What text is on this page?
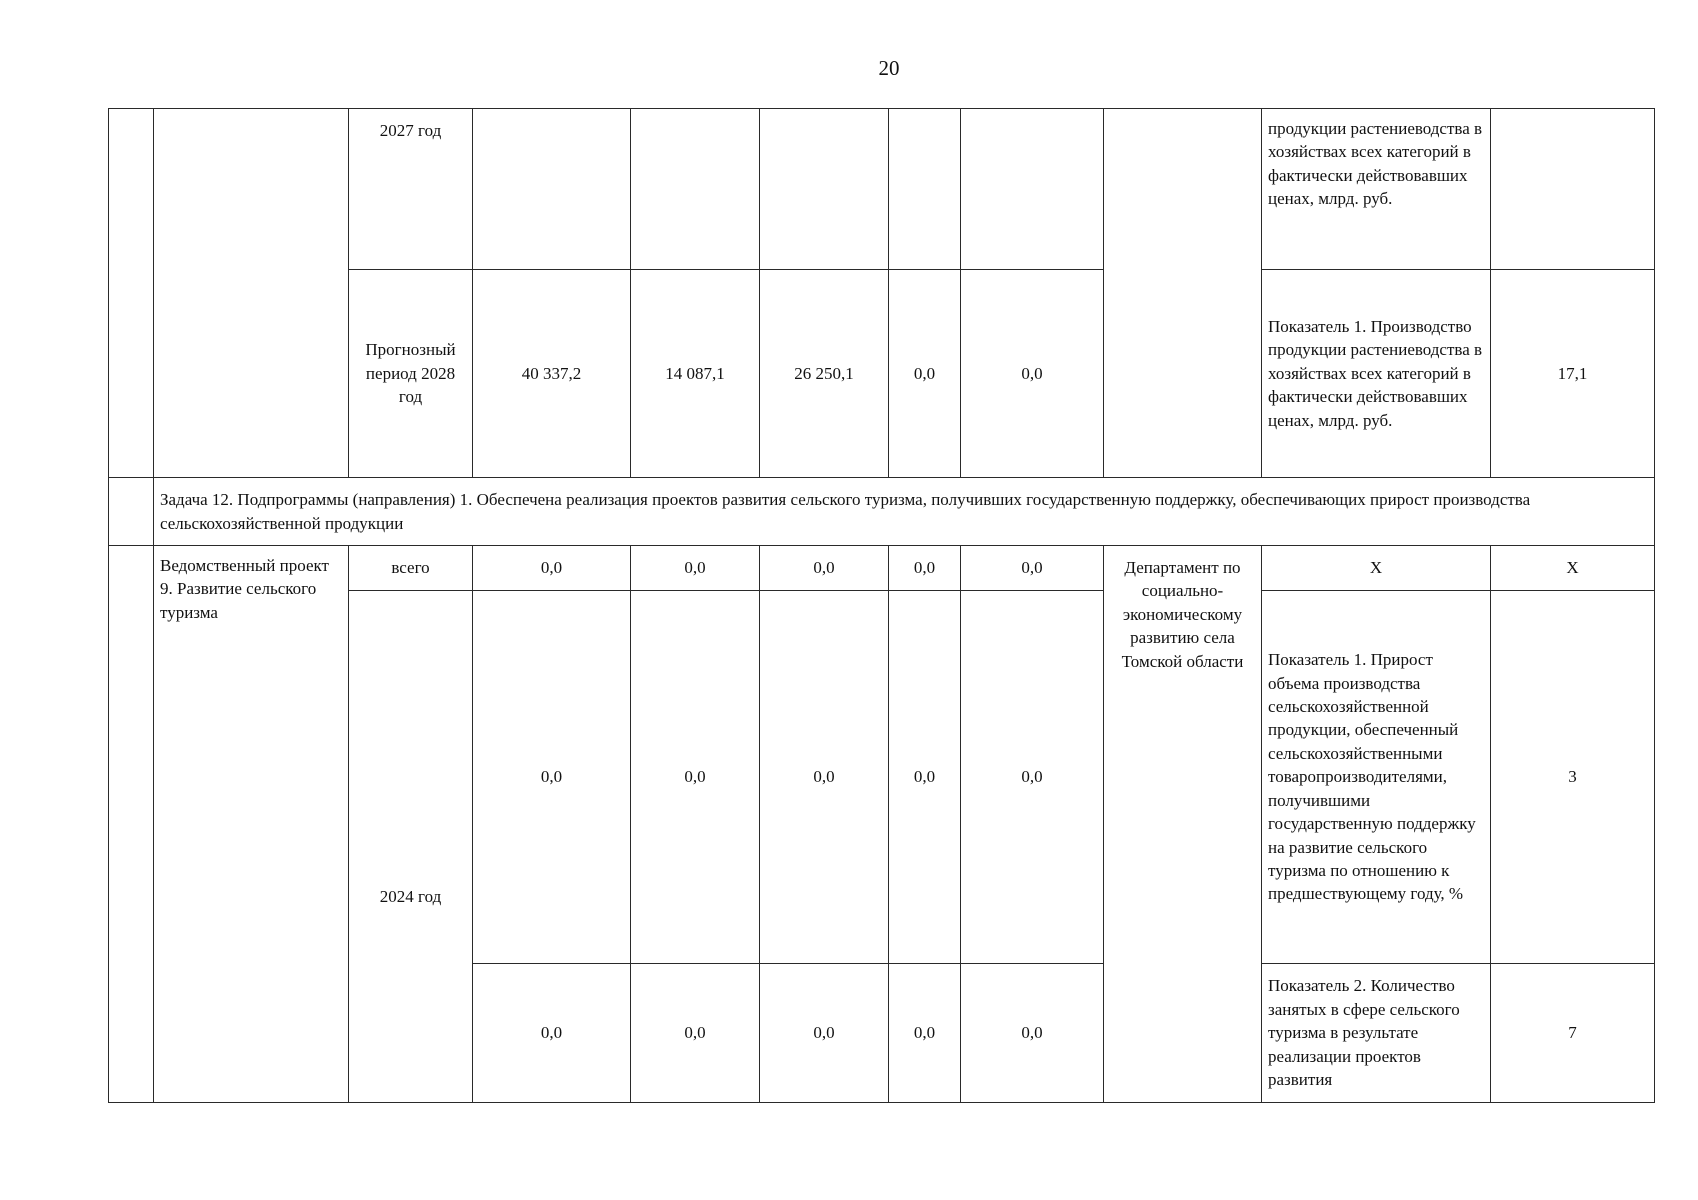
20
		2027 год							продукции растениеводства в хозяйствах всех категорий в фактически действовавших ценах, млрд. руб.	
		Прогнозный период 2028 год	40 337,2	14 087,1	26 250,1	0,0	0,0		Показатель 1. Производство продукции растениеводства в хозяйствах всех категорий в фактически действовавших ценах, млрд. руб.	17,1
	Задача 12. Подпрограммы (направления) 1. Обеспечена реализация проектов развития сельского туризма, получивших государственную поддержку, обеспечивающих прирост производства сельскохозяйственной продукции									
	Ведомственный проект 9. Развитие сельского туризма	всего	0,0	0,0	0,0	0,0	0,0	Департамент по социально-экономическому развитию села Томской области	Х	Х
		2024 год	0,0	0,0	0,0	0,0	0,0		Показатель 1. Прирост объема производства сельскохозяйственной продукции, обеспеченный сельскохозяйственными товаропроизводителями, получившими государственную поддержку на развитие сельского туризма по отношению к предшествующему году, %	3
			0,0	0,0	0,0	0,0	0,0		Показатель 2. Количество занятых в сфере сельского туризма в результате реализации проектов развития	7
